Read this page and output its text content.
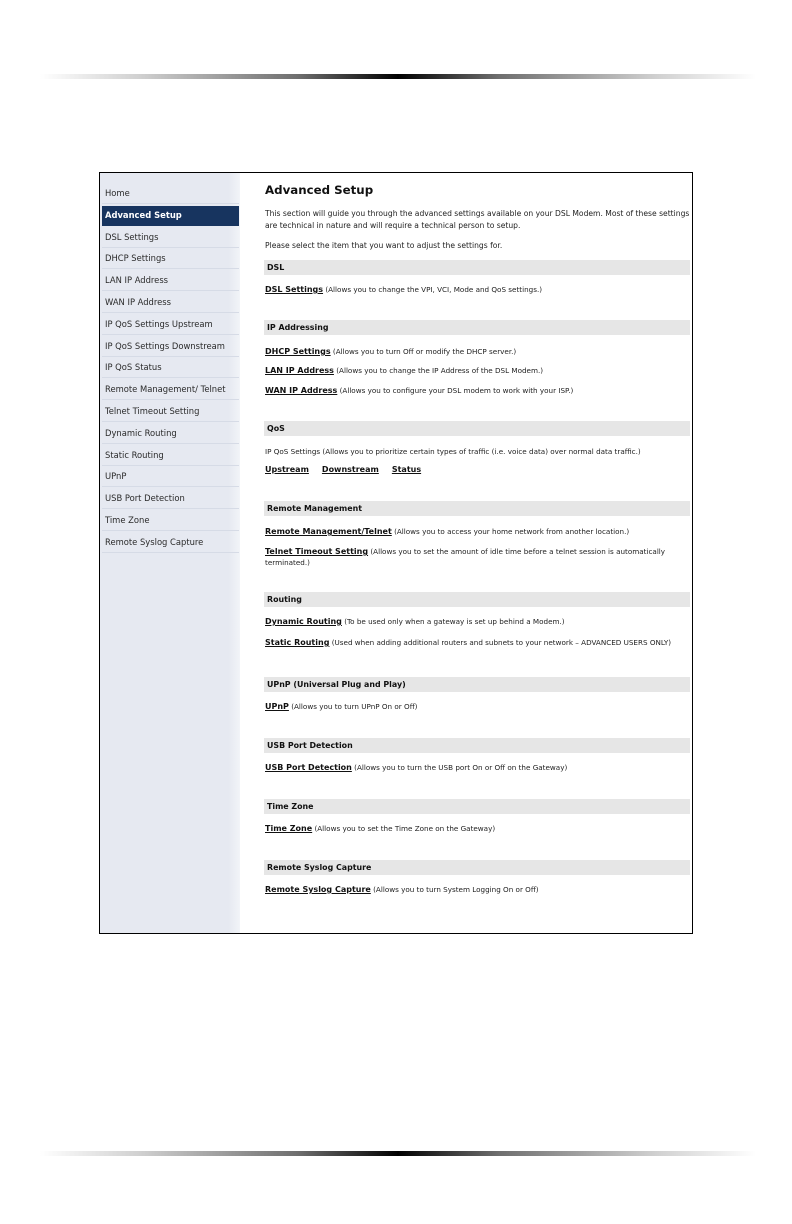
Home
Advanced Setup
DSL Settings
DHCP Settings
LAN IP Address
WAN IP Address
IP QoS Settings Upstream
IP QoS Settings Downstream
IP QoS Status
Remote Management/ Telnet
Telnet Timeout Setting
Dynamic Routing
Static Routing
UPnP
USB Port Detection
Time Zone
Remote Syslog Capture
Advanced Setup
This section will guide you through the advanced settings available on your DSL Modem. Most of these settings are technical in nature and will require a technical person to setup.
Please select the item that you want to adjust the settings for.
DSL
DSL Settings (Allows you to change the VPI, VCI, Mode and QoS settings.)
IP Addressing
DHCP Settings (Allows you to turn Off or modify the DHCP server.)
LAN IP Address (Allows you to change the IP Address of the DSL Modem.)
WAN IP Address (Allows you to configure your DSL modem to work with your ISP.)
QoS
IP QoS Settings (Allows you to prioritize certain types of traffic (i.e. voice data) over normal data traffic.)
Upstream Downstream Status
Remote Management
Remote Management/Telnet (Allows you to access your home network from another location.)
Telnet Timeout Setting (Allows you to set the amount of idle time before a telnet session is automatically terminated.)
Routing
Dynamic Routing (To be used only when a gateway is set up behind a Modem.)
Static Routing (Used when adding additional routers and subnets to your network – ADVANCED USERS ONLY)
UPnP (Universal Plug and Play)
UPnP (Allows you to turn UPnP On or Off)
USB Port Detection
USB Port Detection (Allows you to turn the USB port On or Off on the Gateway)
Time Zone
Time Zone (Allows you to set the Time Zone on the Gateway)
Remote Syslog Capture
Remote Syslog Capture (Allows you to turn System Logging On or Off)
